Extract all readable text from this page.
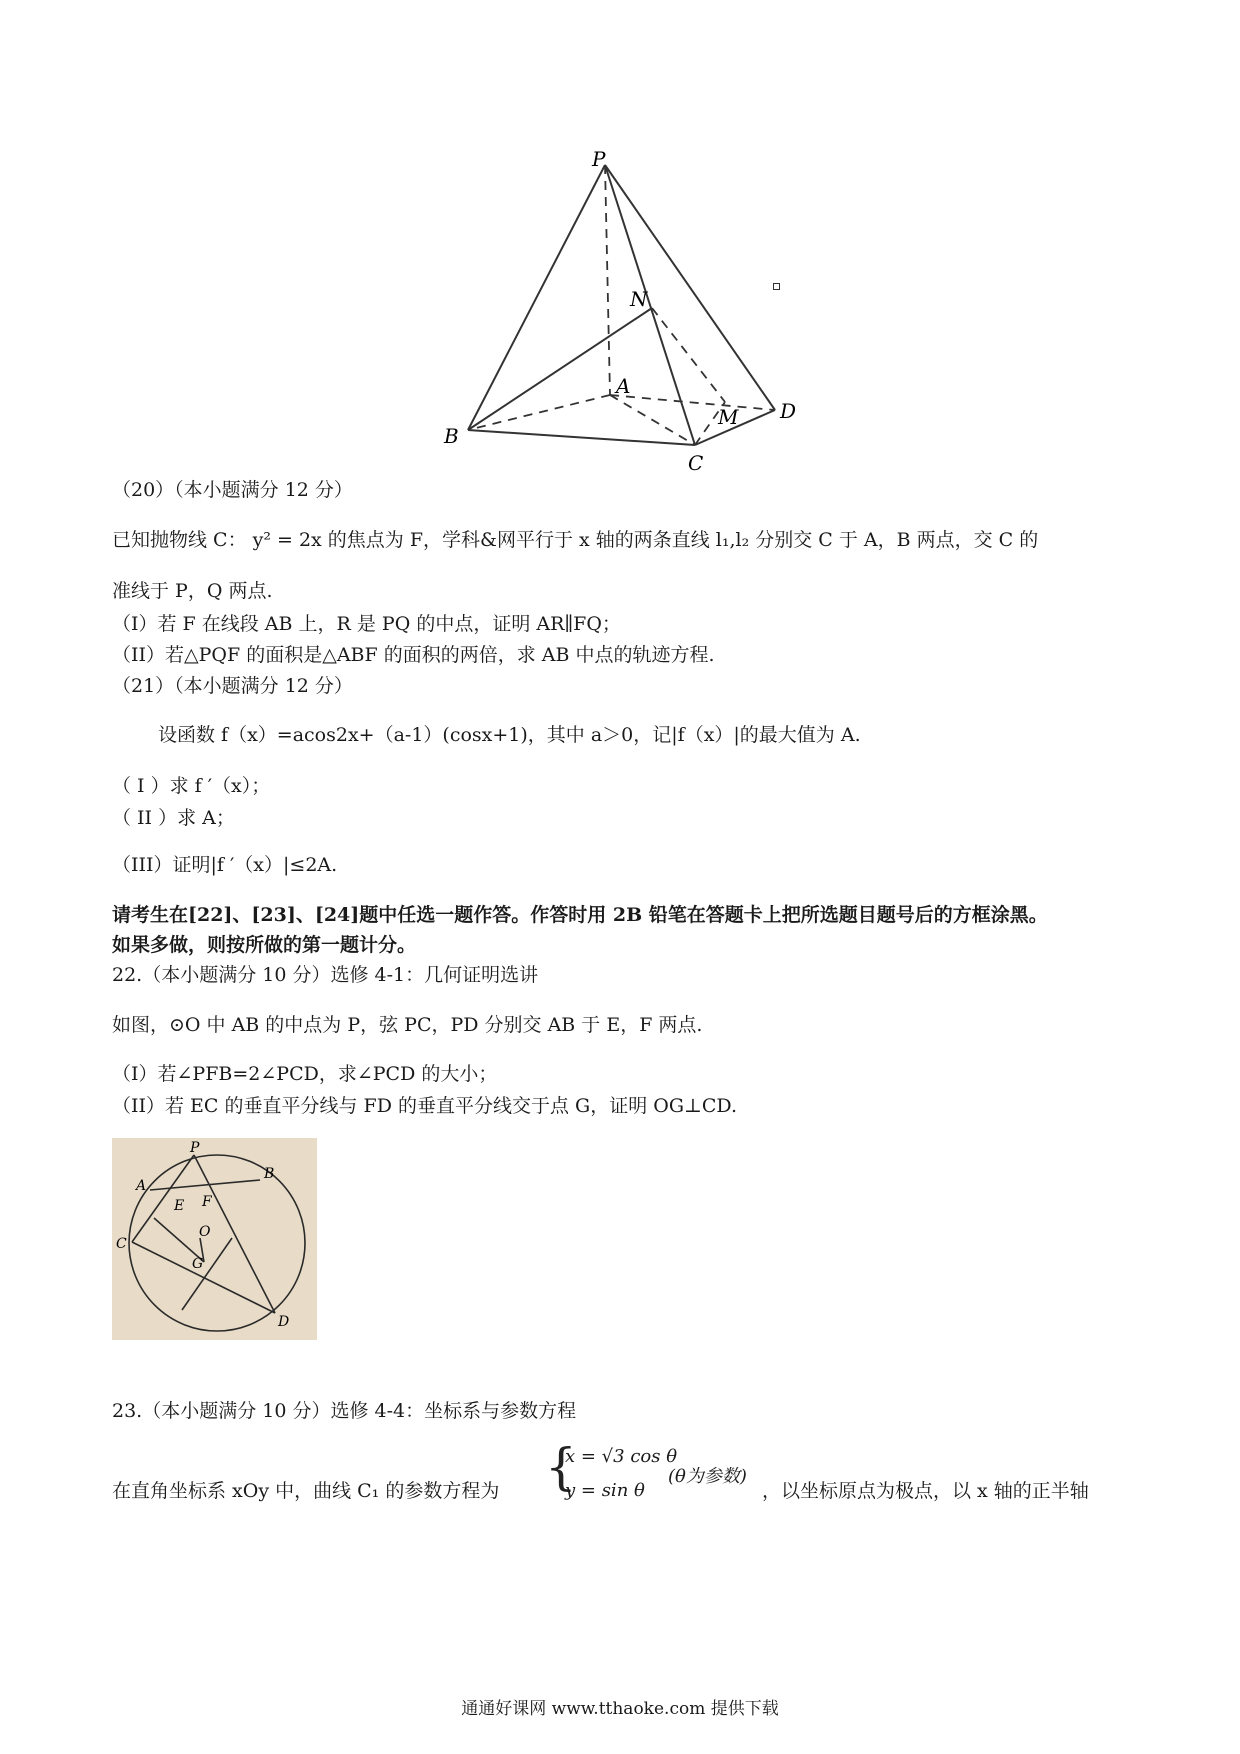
P
N
A
B
C
D
M
（20）（本小题满分 12 分）
已知抛物线 C： y² = 2x 的焦点为 F，学科&网平行于 x 轴的两条直线 l₁,l₂ 分别交 C 于 A，B 两点，交 C 的
准线于 P，Q 两点.
（I）若 F 在线段 AB 上，R 是 PQ 的中点，证明 AR∥FQ；
（II）若△PQF 的面积是△ABF 的面积的两倍，求 AB 中点的轨迹方程.
（21）（本小题满分 12 分）
设函数 f（x）=acos2x+（a-1）(cosx+1)，其中 a＞0，记|f（x）|的最大值为 A.
（ I ）求 f ′（x）；
（ II ）求 A；
（III）证明|f ′（x）|≤2A.
请考生在[22]、[23]、[24]题中任选一题作答。作答时用 2B 铅笔在答题卡上把所选题目题号后的方框涂黑。
如果多做，则按所做的第一题计分。
22.（本小题满分 10 分）选修 4-1：几何证明选讲
如图，⊙O 中 AB 的中点为 P，弦 PC，PD 分别交 AB 于 E，F 两点.
（I）若∠PFB=2∠PCD，求∠PCD 的大小；
（II）若 EC 的垂直平分线与 FD 的垂直平分线交于点 G，证明 OG⊥CD.
P
A
B
E F
C
O
G
D
23.（本小题满分 10 分）选修 4-4：坐标系与参数方程
在直角坐标系 xOy 中，曲线 C₁ 的参数方程为 {
x = √3 cos θ
y = sin θ
(θ为参数)
，以坐标原点为极点，以 x 轴的正半轴
通通好课网 www.tthaoke.com 提供下载
